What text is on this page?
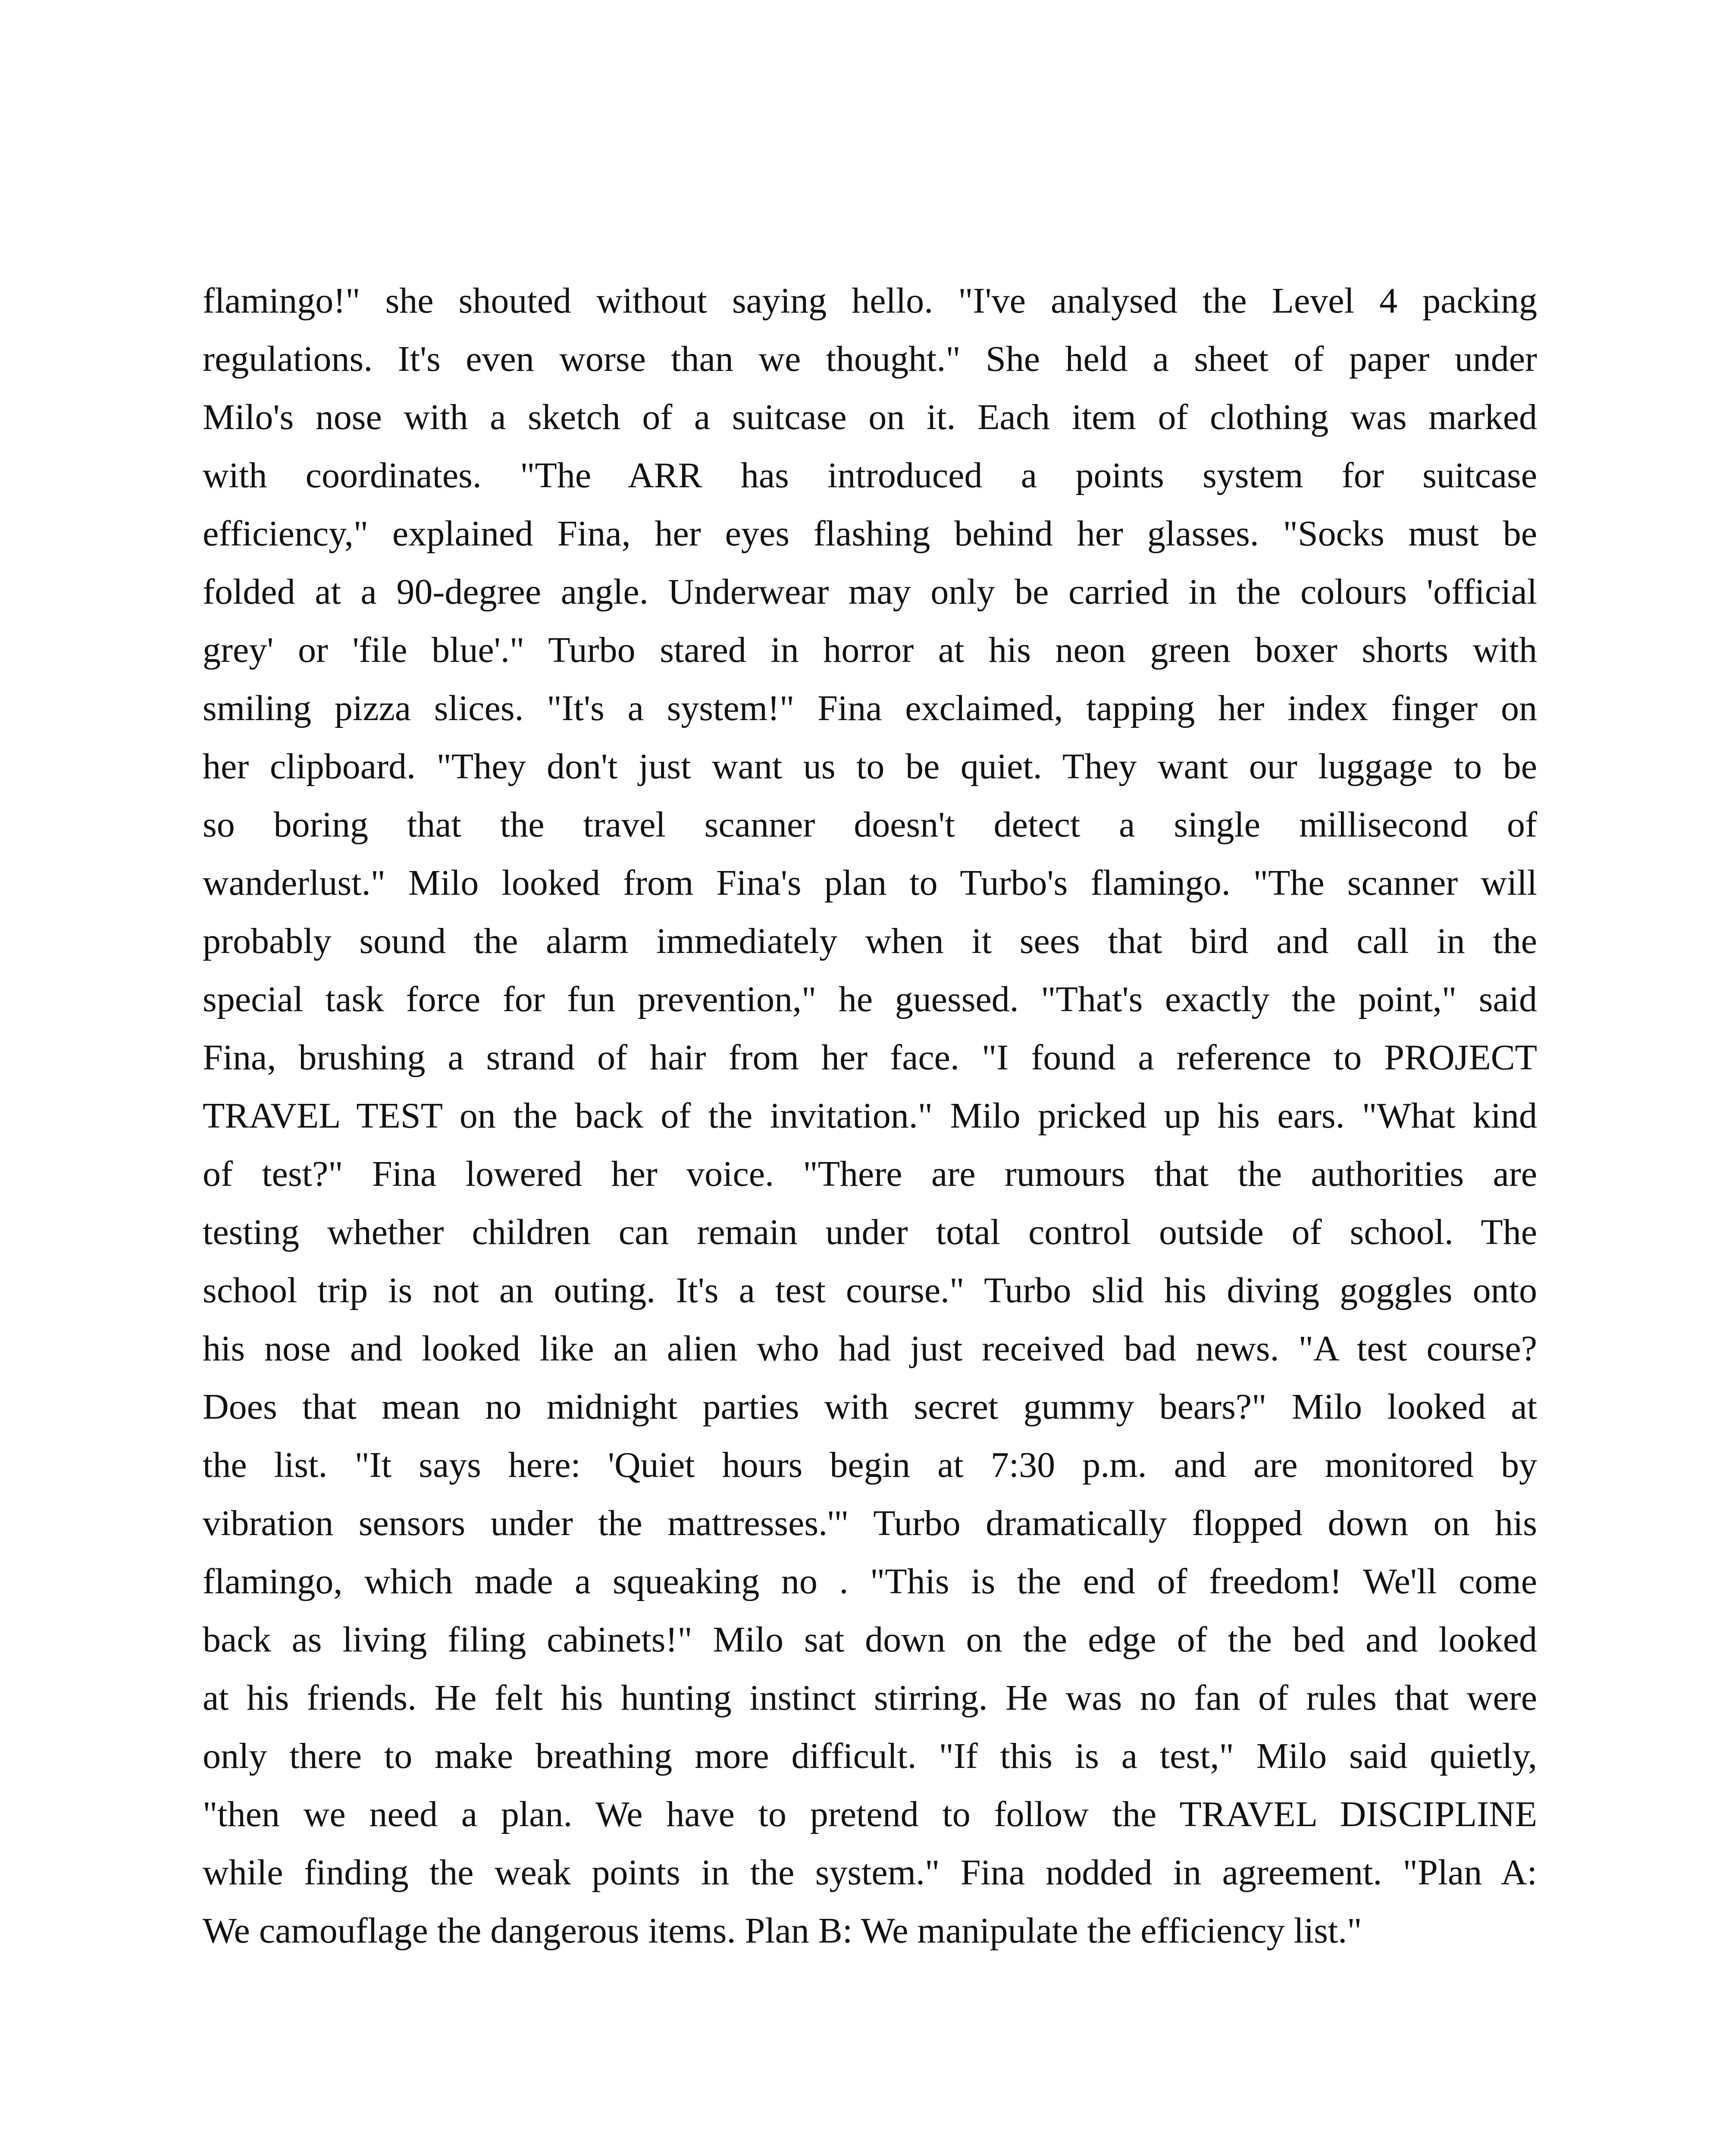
flamingo!" she shouted without saying hello. "I've analysed the Level 4 packing
regulations. It's even worse than we thought." She held a sheet of paper under
Milo's nose with a sketch of a suitcase on it. Each item of clothing was marked
with coordinates. "The ARR has introduced a points system for suitcase
efficiency," explained Fina, her eyes flashing behind her glasses. "Socks must be
folded at a 90-degree angle. Underwear may only be carried in the colours 'official
grey' or 'file blue'." Turbo stared in horror at his neon green boxer shorts with
smiling pizza slices. "It's a system!" Fina exclaimed, tapping her index finger on
her clipboard. "They don't just want us to be quiet. They want our luggage to be
so boring that the travel scanner doesn't detect a single millisecond of
wanderlust." Milo looked from Fina's plan to Turbo's flamingo. "The scanner will
probably sound the alarm immediately when it sees that bird and call in the
special task force for fun prevention," he guessed. "That's exactly the point," said
Fina, brushing a strand of hair from her face. "I found a reference to PROJECT
TRAVEL TEST on the back of the invitation." Milo pricked up his ears. "What kind
of test?" Fina lowered her voice. "There are rumours that the authorities are
testing whether children can remain under total control outside of school. The
school trip is not an outing. It's a test course." Turbo slid his diving goggles onto
his nose and looked like an alien who had just received bad news. "A test course?
Does that mean no midnight parties with secret gummy bears?" Milo looked at
the list. "It says here: 'Quiet hours begin at 7:30 p.m. and are monitored by
vibration sensors under the mattresses.'" Turbo dramatically flopped down on his
flamingo, which made a squeaking no . "This is the end of freedom! We'll come
back as living filing cabinets!" Milo sat down on the edge of the bed and looked
at his friends. He felt his hunting instinct stirring. He was no fan of rules that were
only there to make breathing more difficult. "If this is a test," Milo said quietly,
"then we need a plan. We have to pretend to follow the TRAVEL DISCIPLINE
while finding the weak points in the system." Fina nodded in agreement. "Plan A:
We camouflage the dangerous items. Plan B: We manipulate the efficiency list."
